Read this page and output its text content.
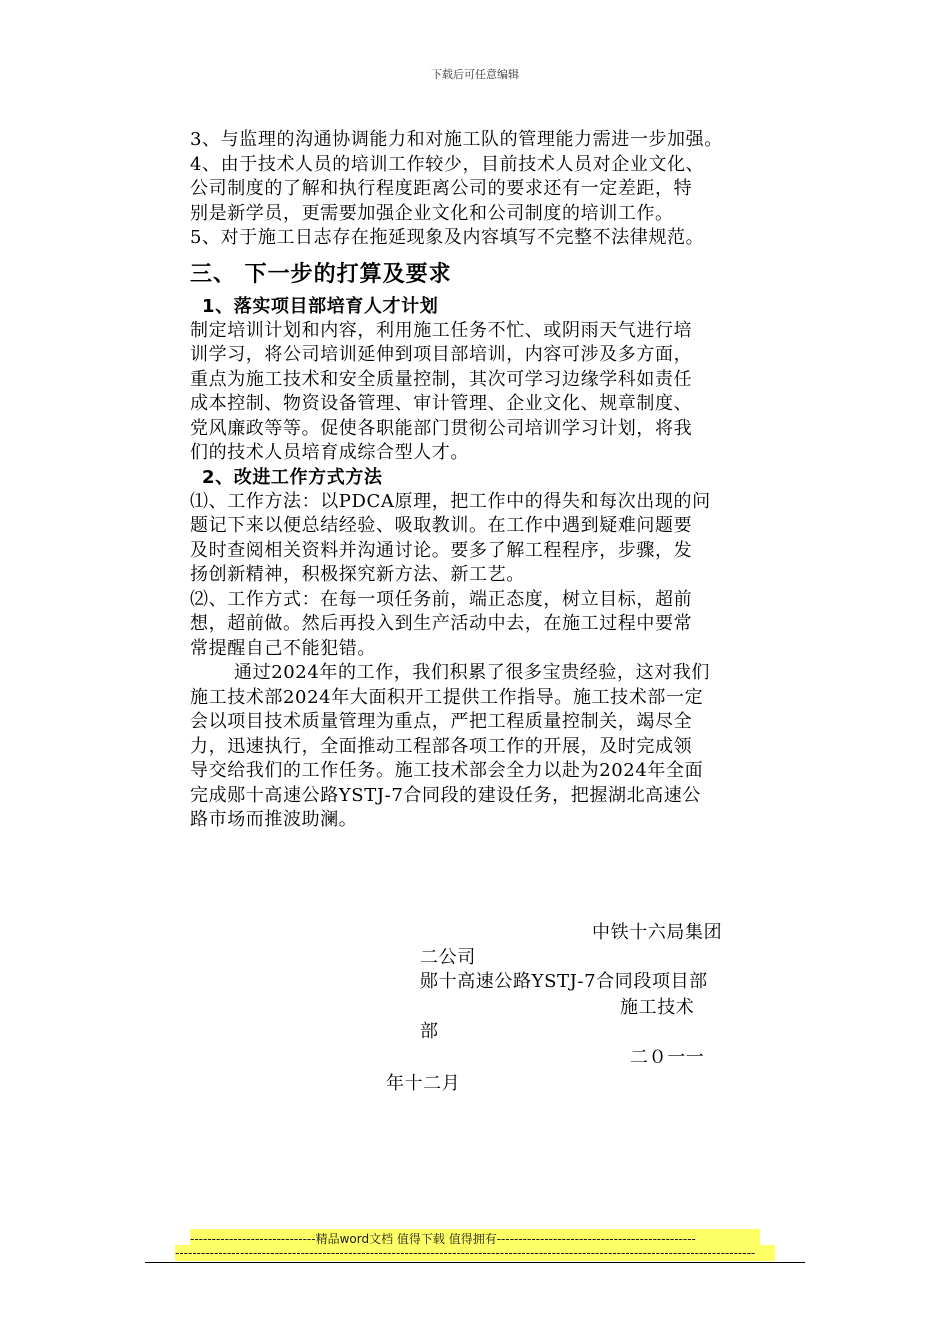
下载后可任意编辑
3、与监理的沟通协调能力和对施工队的管理能力需进一步加强。
4、由于技术人员的培训工作较少，目前技术人员对企业文化、
公司制度的了解和执行程度距离公司的要求还有一定差距，特
别是新学员，更需要加强企业文化和公司制度的培训工作。
5、对于施工日志存在拖延现象及内容填写不完整不法律规范。
三、 下一步的打算及要求
1、落实项目部培育人才计划
制定培训计划和内容，利用施工任务不忙、或阴雨天气进行培
训学习，将公司培训延伸到项目部培训，内容可涉及多方面，
重点为施工技术和安全质量控制，其次可学习边缘学科如责任
成本控制、物资设备管理、审计管理、企业文化、规章制度、
党风廉政等等。促使各职能部门贯彻公司培训学习计划，将我
们的技术人员培育成综合型人才。
2、改进工作方式方法
⑴、工作方法：以PDCA原理，把工作中的得失和每次出现的问
题记下来以便总结经验、吸取教训。在工作中遇到疑难问题要
及时查阅相关资料并沟通讨论。要多了解工程程序，步骤，发
扬创新精神，积极探究新方法、新工艺。
⑵、工作方式：在每一项任务前，端正态度，树立目标，超前
想，超前做。然后再投入到生产活动中去，在施工过程中要常
常提醒自己不能犯错。
通过2024年的工作，我们积累了很多宝贵经验，这对我们
施工技术部2024年大面积开工提供工作指导。施工技术部一定
会以项目技术质量管理为重点，严把工程质量控制关，竭尽全
力，迅速执行，全面推动工程部各项工作的开展，及时完成领
导交给我们的工作任务。施工技术部会全力以赴为2024年全面
完成郧十高速公路YSTJ-7合同段的建设任务，把握湖北高速公
路市场而推波助澜。
中铁十六局集团
二公司
郧十高速公路YSTJ-7合同段项目部
施工技术
部
二０一一
年十二月
-----------------------------精品word文档 值得下载 值得拥有----------------------------------------------
--------------------------------------------------------------------------------------------------------------------------------------
